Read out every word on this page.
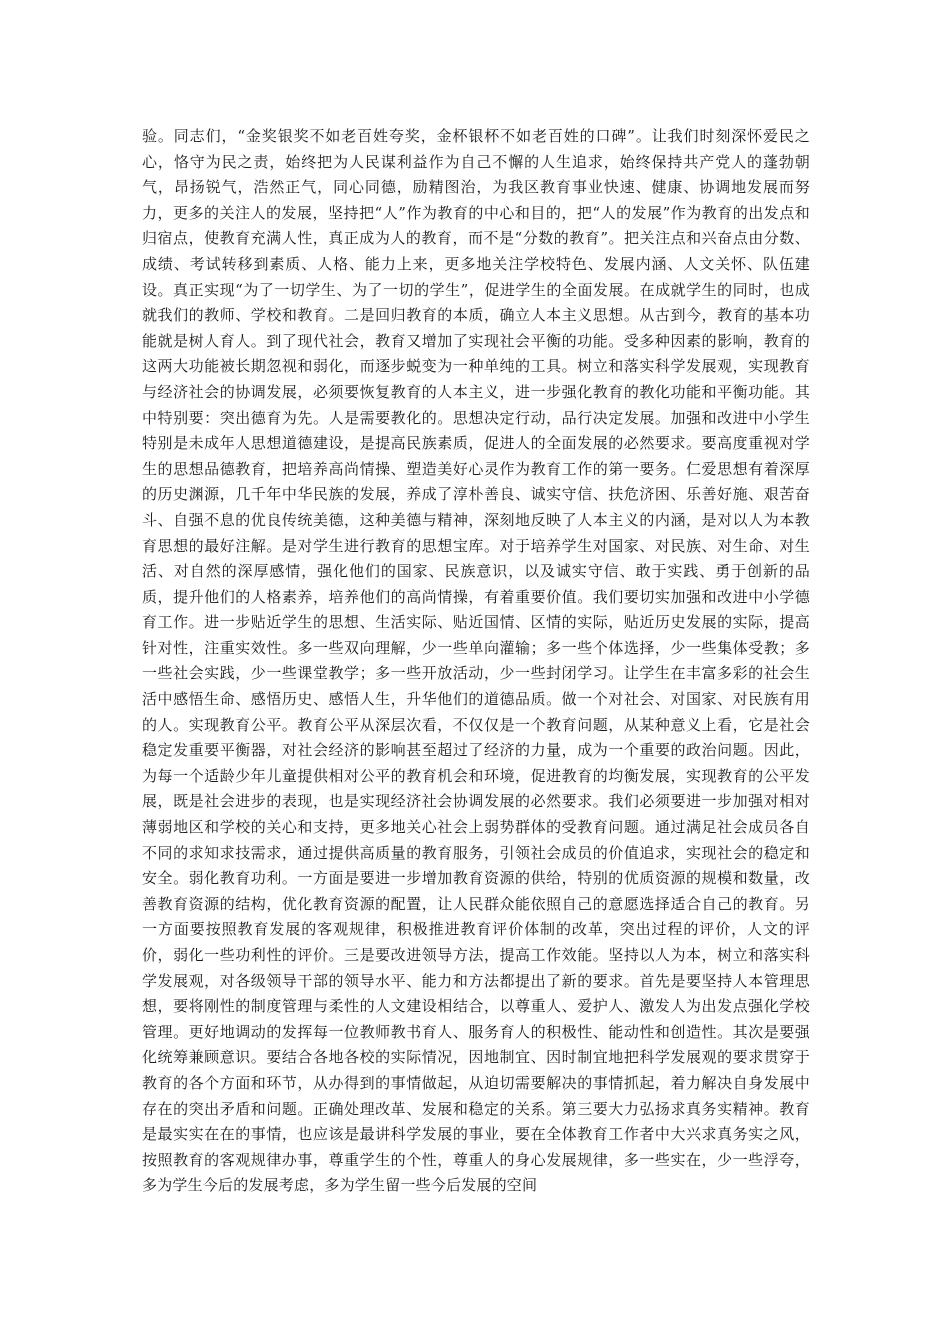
验。同志们，“金奖银奖不如老百姓夸奖，金杯银杯不如老百姓的口碑”。让我们时刻深怀爱民之心，恪守为民之责，始终把为人民谋利益作为自己不懈的人生追求，始终保持共产党人的蓬勃朝气，昂扬锐气，浩然正气，同心同德，励精图治，为我区教育事业快速、健康、协调地发展而努力，更多的关注人的发展，坚持把“人”作为教育的中心和目的，把“人的发展”作为教育的出发点和归宿点，使教育充满人性，真正成为人的教育，而不是“分数的教育”。把关注点和兴奋点由分数、成绩、考试转移到素质、人格、能力上来，更多地关注学校特色、发展内涵、人文关怀、队伍建设。真正实现“为了一切学生、为了一切的学生”，促进学生的全面发展。在成就学生的同时，也成就我们的教师、学校和教育。二是回归教育的本质，确立人本主义思想。从古到今，教育的基本功能就是树人育人。到了现代社会，教育又增加了实现社会平衡的功能。受多种因素的影响，教育的这两大功能被长期忽视和弱化，而逐步蜕变为一种单纯的工具。树立和落实科学发展观，实现教育与经济社会的协调发展，必须要恢复教育的人本主义，进一步强化教育的教化功能和平衡功能。其中特别要：突出德育为先。人是需要教化的。思想决定行动，品行决定发展。加强和改进中小学生特别是未成年人思想道德建设，是提高民族素质，促进人的全面发展的必然要求。要高度重视对学生的思想品德教育，把培养高尚情操、塑造美好心灵作为教育工作的第一要务。仁爱思想有着深厚的历史渊源，几千年中华民族的发展，养成了淳朴善良、诚实守信、扶危济困、乐善好施、艰苦奋斗、自强不息的优良传统美德，这种美德与精神，深刻地反映了人本主义的内涵，是对以人为本教育思想的最好注解。是对学生进行教育的思想宝库。对于培养学生对国家、对民族、对生命、对生活、对自然的深厚感情，强化他们的国家、民族意识，以及诚实守信、敢于实践、勇于创新的品质，提升他们的人格素养，培养他们的高尚情操，有着重要价值。我们要切实加强和改进中小学德育工作。进一步贴近学生的思想、生活实际、贴近国情、区情的实际，贴近历史发展的实际，提高针对性，注重实效性。多一些双向理解，少一些单向灌输；多一些个体选择，少一些集体受教；多一些社会实践，少一些课堂教学；多一些开放活动，少一些封闭学习。让学生在丰富多彩的社会生活中感悟生命、感悟历史、感悟人生，升华他们的道德品质。做一个对社会、对国家、对民族有用的人。实现教育公平。教育公平从深层次看，不仅仅是一个教育问题，从某种意义上看，它是社会稳定发重要平衡器，对社会经济的影响甚至超过了经济的力量，成为一个重要的政治问题。因此，为每一个适龄少年儿童提供相对公平的教育机会和环境，促进教育的均衡发展，实现教育的公平发展，既是社会进步的表现，也是实现经济社会协调发展的必然要求。我们必须要进一步加强对相对薄弱地区和学校的关心和支持，更多地关心社会上弱势群体的受教育问题。通过满足社会成员各自不同的求知求技需求，通过提供高质量的教育服务，引领社会成员的价值追求，实现社会的稳定和安全。弱化教育功利。一方面是要进一步增加教育资源的供给，特别的优质资源的规模和数量，改善教育资源的结构，优化教育资源的配置，让人民群众能依照自己的意愿选择适合自己的教育。另一方面要按照教育发展的客观规律，积极推进教育评价体制的改革，突出过程的评价，人文的评价，弱化一些功利性的评价。三是要改进领导方法，提高工作效能。坚持以人为本，树立和落实科学发展观，对各级领导干部的领导水平、能力和方法都提出了新的要求。首先是要坚持人本管理思想，要将刚性的制度管理与柔性的人文建设相结合，以尊重人、爱护人、激发人为出发点强化学校管理。更好地调动的发挥每一位教师教书育人、服务育人的积极性、能动性和创造性。其次是要强化统筹兼顾意识。要结合各地各校的实际情况，因地制宜、因时制宜地把科学发展观的要求贯穿于教育的各个方面和环节，从办得到的事情做起，从迫切需要解决的事情抓起，着力解决自身发展中存在的突出矛盾和问题。正确处理改革、发展和稳定的关系。第三要大力弘扬求真务实精神。教育是最实实在在的事情，也应该是最讲科学发展的事业，要在全体教育工作者中大兴求真务实之风，按照教育的客观规律办事，尊重学生的个性，尊重人的身心发展规律，多一些实在，少一些浮夸，多为学生今后的发展考虑，多为学生留一些今后发展的空间
